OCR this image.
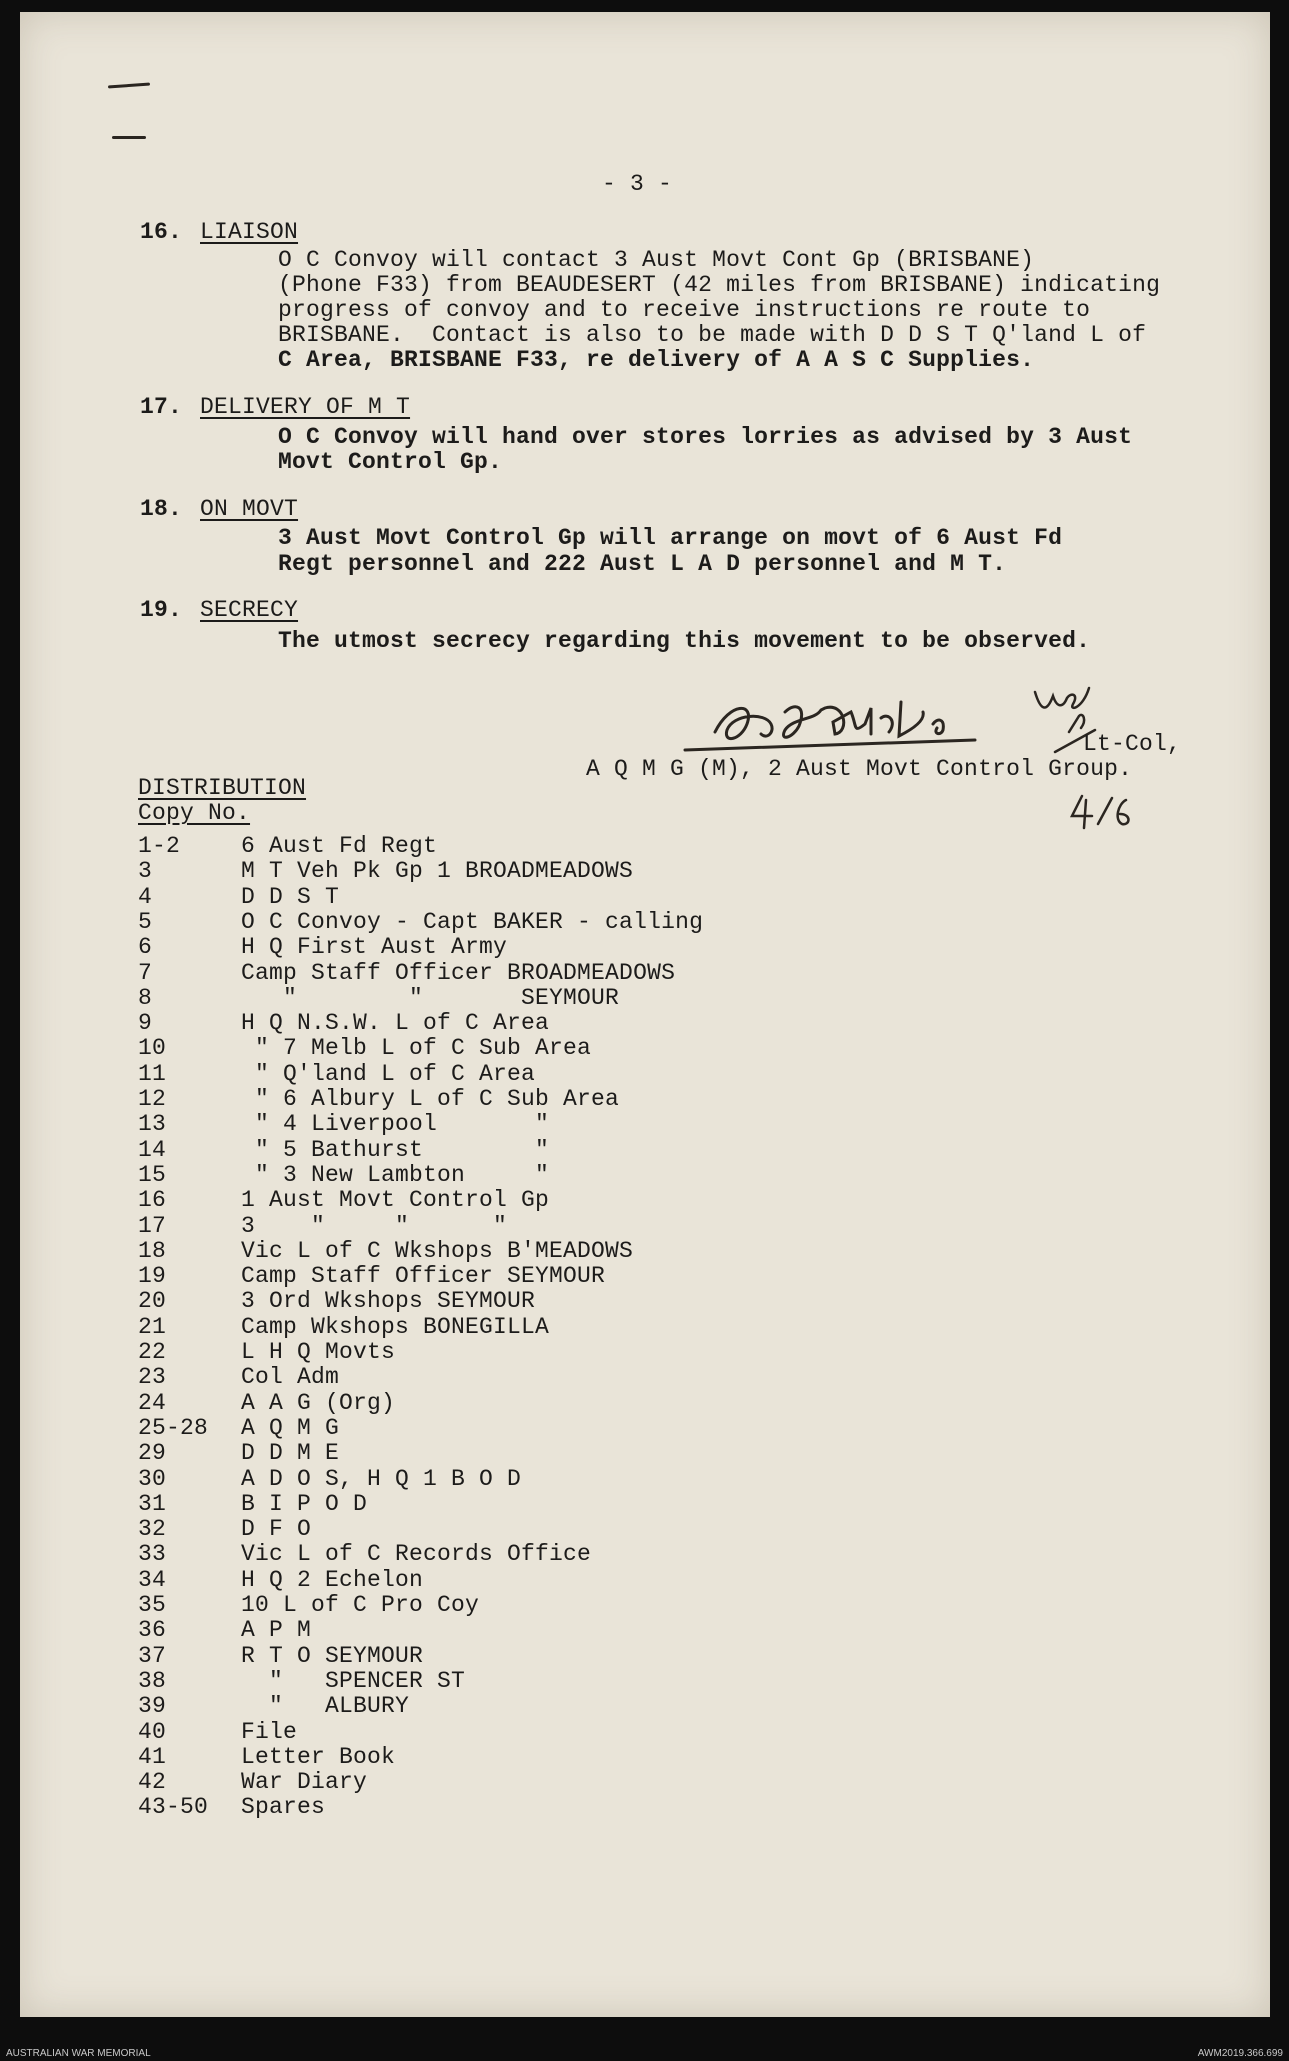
- 3 -
16. LIAISON
O C Convoy will contact 3 Aust Movt Cont Gp (BRISBANE)
(Phone F33) from BEAUDESERT (42 miles from BRISBANE) indicating
progress of convoy and to receive instructions re route to
BRISBANE.  Contact is also to be made with D D S T Q'land L of
C Area, BRISBANE F33, re delivery of A A S C Supplies.
17. DELIVERY OF M T
O C Convoy will hand over stores lorries as advised by 3 Aust
Movt Control Gp.
18. ON MOVT
3 Aust Movt Control Gp will arrange on movt of 6 Aust Fd
Regt personnel and 222 Aust L A D personnel and M T.
19. SECRECY
The utmost secrecy regarding this movement to be observed.
Lt-Col,
A Q M G (M), 2 Aust Movt Control Group.
DISTRIBUTION
Copy No.
1-2	6 Aust Fd Regt
3	M T Veh Pk Gp 1 BROADMEADOWS
4	D D S T
5	O C Convoy - Capt BAKER - calling
6	H Q First Aust Army
7	Camp Staff Officer BROADMEADOWS
8	"        "       SEYMOUR
9	H Q N.S.W. L of C Area
10	" 7 Melb L of C Sub Area
11	" Q'land L of C Area
12	" 6 Albury L of C Sub Area
13	" 4 Liverpool       "
14	" 5 Bathurst        "
15	" 3 New Lambton     "
16	1 Aust Movt Control Gp
17	3    "     "      "
18	Vic L of C Wkshops B'MEADOWS
19	Camp Staff Officer SEYMOUR
20	3 Ord Wkshops SEYMOUR
21	Camp Wkshops BONEGILLA
22	L H Q Movts
23	Col Adm
24	A A G (Org)
25-28 A Q M G
29	D D M E
30	A D O S, H Q 1 B O D
31	B I P O D
32	D F O
33	Vic L of C Records Office
34	H Q 2 Echelon
35	10 L of C Pro Coy
36	A P M
37	R T O SEYMOUR
38	"   SPENCER ST
39	"   ALBURY
40	File
41	Letter Book
42	War Diary
43-50 Spares
AUSTRALIAN WAR MEMORIAL	AWM2019.366.699
